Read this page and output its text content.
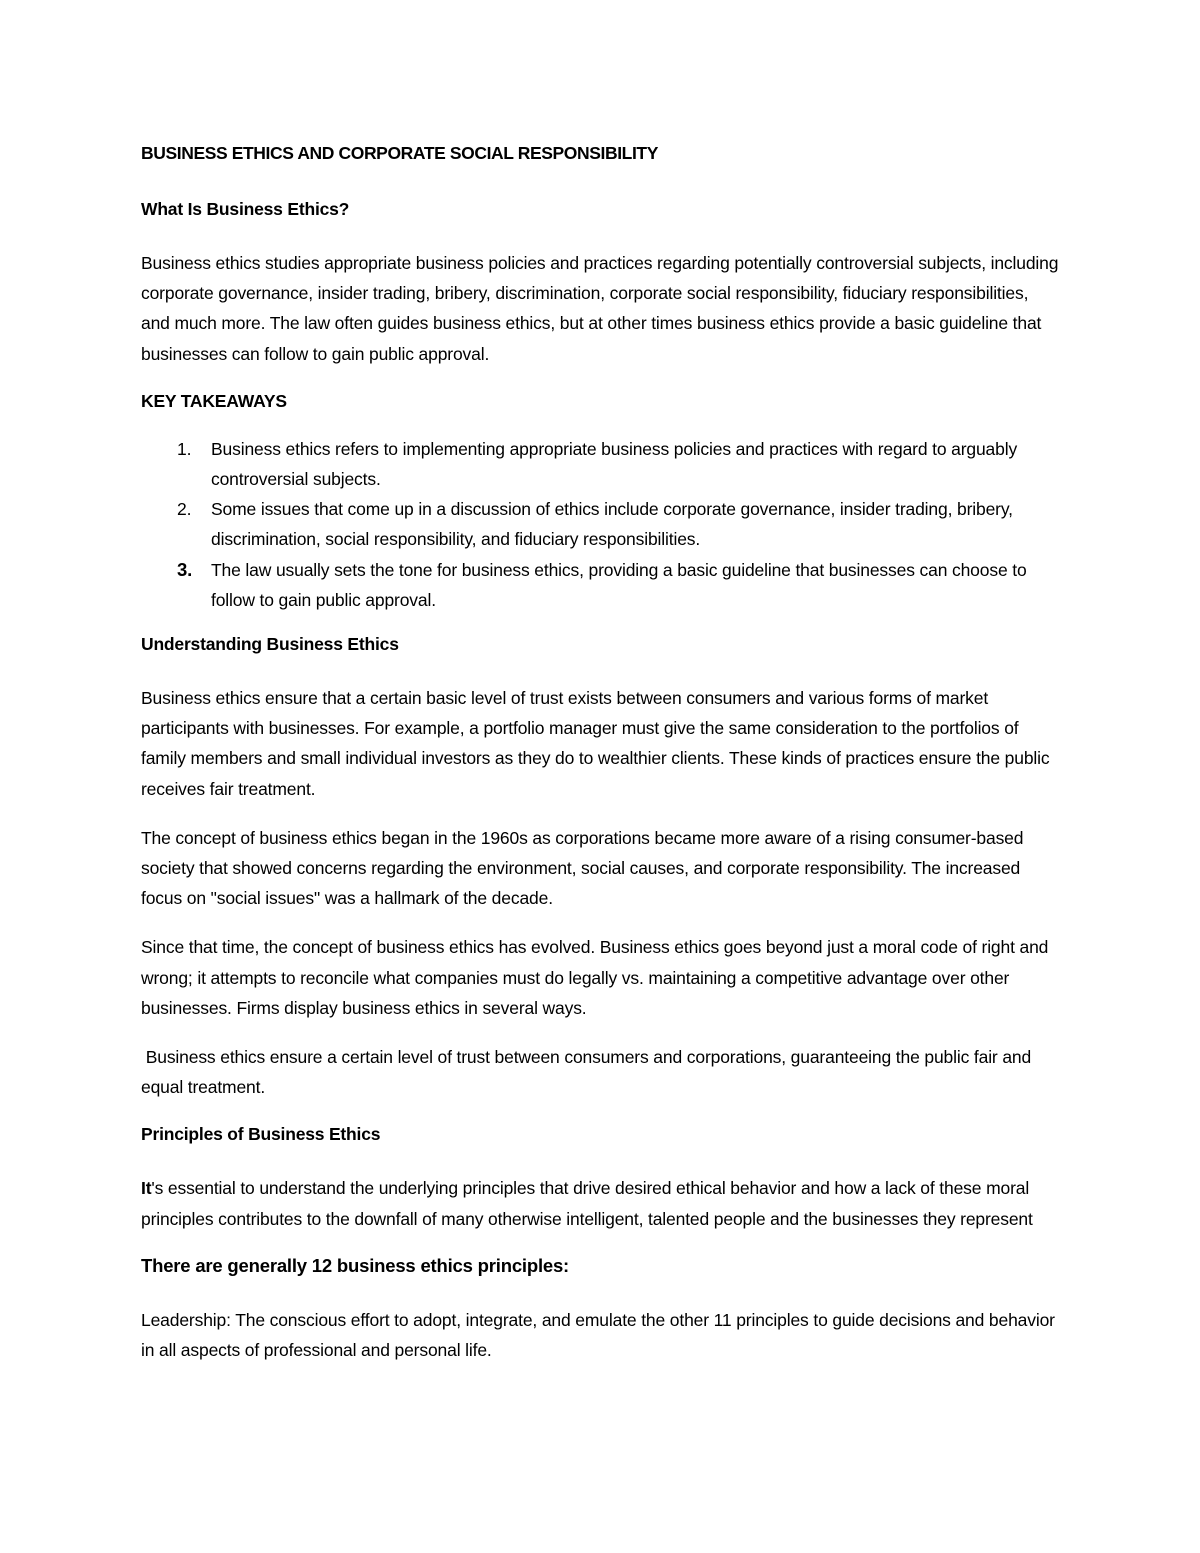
BUSINESS ETHICS AND CORPORATE SOCIAL RESPONSIBILITY
What Is Business Ethics?

Business ethics studies appropriate business policies and practices regarding potentially controversial subjects, including corporate governance, insider trading, bribery, discrimination, corporate social responsibility, fiduciary responsibilities, and much more. The law often guides business ethics, but at other times business ethics provide a basic guideline that businesses can follow to gain public approval.

KEY TAKEAWAYS
1. Business ethics refers to implementing appropriate business policies and practices with regard to arguably controversial subjects.
2. Some issues that come up in a discussion of ethics include corporate governance, insider trading, bribery, discrimination, social responsibility, and fiduciary responsibilities.
3. The law usually sets the tone for business ethics, providing a basic guideline that businesses can choose to follow to gain public approval.
Understanding Business Ethics

Business ethics ensure that a certain basic level of trust exists between consumers and various forms of market participants with businesses. For example, a portfolio manager must give the same consideration to the portfolios of family members and small individual investors as they do to wealthier clients. These kinds of practices ensure the public receives fair treatment.

The concept of business ethics began in the 1960s as corporations became more aware of a rising consumer-based society that showed concerns regarding the environment, social causes, and corporate responsibility. The increased focus on "social issues" was a hallmark of the decade.

Since that time, the concept of business ethics has evolved. Business ethics goes beyond just a moral code of right and wrong; it attempts to reconcile what companies must do legally vs. maintaining a competitive advantage over other businesses. Firms display business ethics in several ways.

Business ethics ensure a certain level of trust between consumers and corporations, guaranteeing the public fair and equal treatment.

Principles of Business Ethics

It's essential to understand the underlying principles that drive desired ethical behavior and how a lack of these moral principles contributes to the downfall of many otherwise intelligent, talented people and the businesses they represent

There are generally 12 business ethics principles:

Leadership: The conscious effort to adopt, integrate, and emulate the other 11 principles to guide decisions and behavior in all aspects of professional and personal life.
